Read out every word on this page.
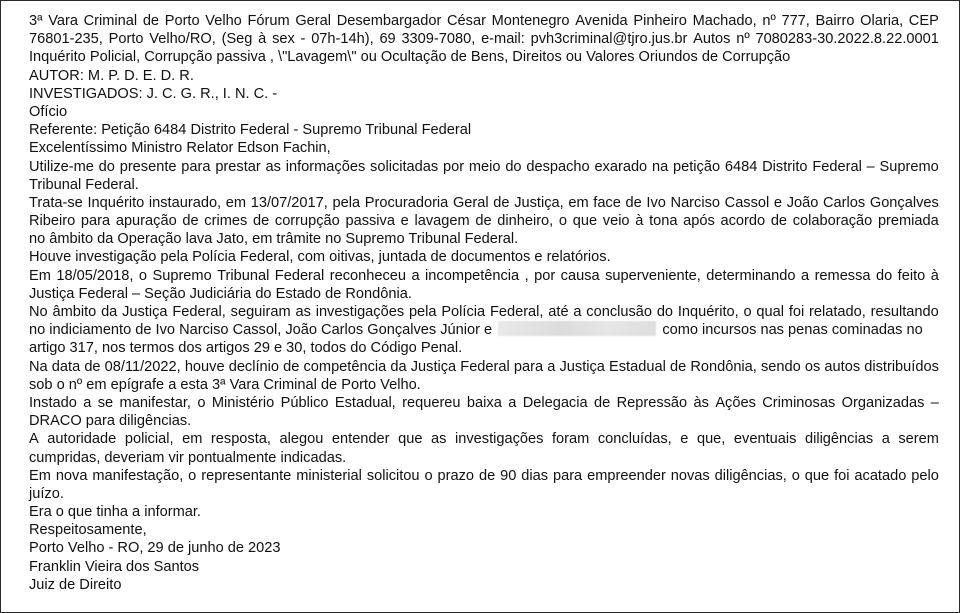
3ª Vara Criminal de Porto Velho Fórum Geral Desembargador César Montenegro Avenida Pinheiro Machado, nº 777, Bairro Olaria, CEP
76801-235, Porto Velho/RO, (Seg à sex - 07h-14h), 69 3309-7080, e-mail: pvh3criminal@tjro.jus.br Autos nº 7080283-30.2022.8.22.0001
Inquérito Policial, Corrupção passiva , \"Lavagem\" ou Ocultação de Bens, Direitos ou Valores Oriundos de Corrupção
AUTOR: M. P. D. E. D. R.
INVESTIGADOS: J. C. G. R., I. N. C. -
Ofício
Referente: Petição 6484 Distrito Federal - Supremo Tribunal Federal
Excelentíssimo Ministro Relator Edson Fachin,
Utilize-me do presente para prestar as informações solicitadas por meio do despacho exarado na petição 6484 Distrito Federal – Supremo
Tribunal Federal.
Trata-se Inquérito instaurado, em 13/07/2017, pela Procuradoria Geral de Justiça, em face de Ivo Narciso Cassol e João Carlos Gonçalves
Ribeiro para apuração de crimes de corrupção passiva e lavagem de dinheiro, o que veio à tona após acordo de colaboração premiada
no âmbito da Operação lava Jato, em trâmite no Supremo Tribunal Federal.
Houve investigação pela Polícia Federal, com oitivas, juntada de documentos e relatórios.
Em 18/05/2018, o Supremo Tribunal Federal reconheceu a incompetência , por causa superveniente, determinando a remessa do feito à
Justiça Federal – Seção Judiciária do Estado de Rondônia.
No âmbito da Justiça Federal, seguiram as investigações pela Polícia Federal, até a conclusão do Inquérito, o qual foi relatado, resultando
no indiciamento de Ivo Narciso Cassol, João Carlos Gonçalves Júnior e	como incursos nas penas cominadas no
artigo 317, nos termos dos artigos 29 e 30, todos do Código Penal.
Na data de 08/11/2022, houve declínio de competência da Justiça Federal para a Justiça Estadual de Rondônia, sendo os autos distribuídos
sob o nº em epígrafe a esta 3ª Vara Criminal de Porto Velho.
Instado a se manifestar, o Ministério Público Estadual, requereu baixa a Delegacia de Repressão às Ações Criminosas Organizadas –
DRACO para diligências.
A autoridade policial, em resposta, alegou entender que as investigações foram concluídas, e que, eventuais diligências a serem
cumpridas, deveriam vir pontualmente indicadas.
Em nova manifestação, o representante ministerial solicitou o prazo de 90 dias para empreender novas diligências, o que foi acatado pelo
juízo.
Era o que tinha a informar.
Respeitosamente,
Porto Velho - RO, 29 de junho de 2023
Franklin Vieira dos Santos
Juiz de Direito
